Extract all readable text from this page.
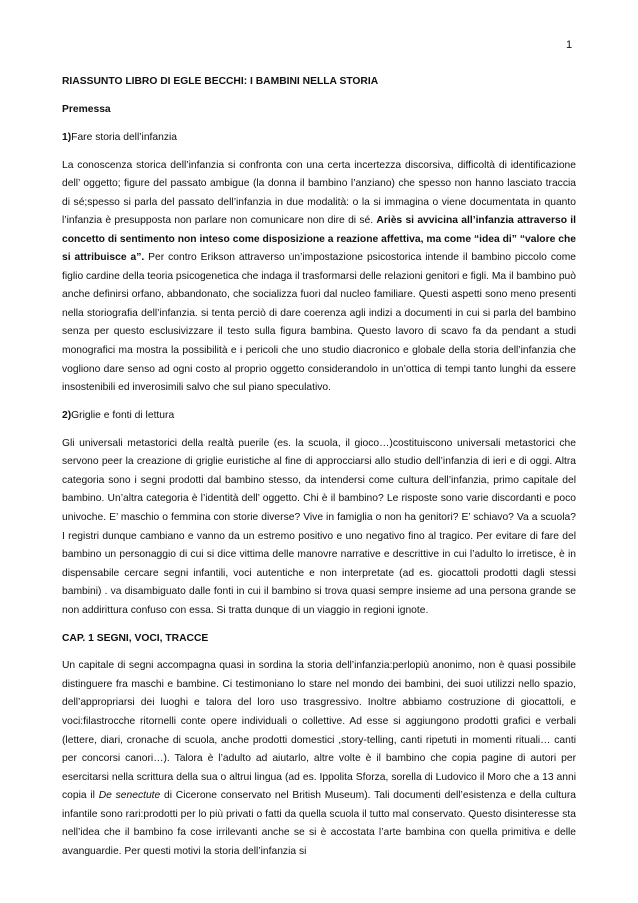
1

RIASSUNTO LIBRO DI EGLE BECCHI: I BAMBINI NELLA STORIA

Premessa

1)Fare storia dell’infanzia

La conoscenza storica dell’infanzia si confronta con una certa incertezza discorsiva, difficoltà di identificazione dell’ oggetto; figure del passato ambigue (la donna il bambino l’anziano) che spesso non hanno lasciato traccia di sé;spesso si parla del passato dell’infanzia in due modalità: o la si immagina o viene documentata in quanto l’infanzia è presupposta non parlare non comunicare non dire di sé. Ariès si avvicina all’infanzia attraverso il concetto di sentimento non inteso come disposizione a reazione affettiva, ma come “idea di” “valore che si attribuisce a”. Per contro Erikson attraverso un’impostazione psicostorica intende il bambino piccolo come figlio cardine della teoria psicogenetica che indaga il trasformarsi delle relazioni genitori e figli. Ma il bambino può anche definirsi orfano, abbandonato, che socializza fuori dal nucleo familiare. Questi aspetti sono meno presenti nella storiografia dell’infanzia. si tenta perciò di dare coerenza agli indizi a documenti in cui si parla del bambino senza per questo esclusivizzare il testo sulla figura bambina. Questo lavoro di scavo fa da pendant a studi monografici ma mostra la possibilità e i pericoli che uno studio diacronico e globale della storia dell’infanzia che vogliono dare senso ad ogni costo al proprio oggetto considerandolo in un’ottica di tempi tanto lunghi da essere insostenibili ed inverosimili salvo che sul piano speculativo.

2)Griglie e fonti di lettura

Gli universali metastorici della realtà puerile (es. la scuola, il gioco…)costituiscono universali metastorici che servono peer la creazione di griglie euristiche al fine di approcciarsi allo studio dell’infanzia di ieri e di oggi. Altra categoria sono i segni prodotti dal bambino stesso, da intendersi come cultura dell’infanzia, primo capitale del bambino. Un’altra categoria è l’identità dell’ oggetto. Chi è il bambino? Le risposte sono varie discordanti e poco univoche. E’ maschio o femmina con storie diverse? Vive in famiglia o non ha genitori? E’ schiavo? Va a scuola? I registri dunque cambiano e vanno da un estremo positivo e uno negativo fino al tragico. Per evitare di fare del bambino un personaggio di cui si dice vittima delle manovre narrative e descrittive in cui l’adulto lo irretisce, è in dispensabile cercare segni infantili, voci autentiche e non interpretate (ad es. giocattoli prodotti dagli stessi bambini) . va disambiguato dalle fonti in cui il bambino si trova quasi sempre insieme ad una persona grande se non addirittura confuso con essa. Si tratta dunque di un viaggio in regioni ignote.

CAP. 1 SEGNI, VOCI, TRACCE

Un capitale di segni accompagna quasi in sordina la storia dell’infanzia:perlopiù anonimo, non è quasi possibile distinguere fra maschi e bambine. Ci testimoniano lo stare nel mondo dei bambini, dei suoi utilizzi nello spazio, dell’appropriarsi dei luoghi e talora del loro uso trasgressivo. Inoltre abbiamo costruzione di giocattoli, e voci:filastrocche ritornelli conte opere individuali o collettive. Ad esse si aggiungono prodotti grafici e verbali (lettere, diari, cronache di scuola, anche prodotti domestici ,story-telling, canti ripetuti in momenti rituali… canti per concorsi canori…). Talora è l’adulto ad aiutarlo, altre volte è il bambino che copia pagine di autori per esercitarsi nella scrittura della sua o altrui lingua (ad es. Ippolita Sforza, sorella di Ludovico il Moro che a 13 anni copia il De senectute di Cicerone conservato nel British Museum). Tali documenti dell’esistenza e della cultura infantile sono rari:prodotti per lo più privati o fatti da quella scuola il tutto mal conservato. Questo disinteresse sta nell’idea che il bambino fa cose irrilevanti anche se si è accostata l’arte bambina con quella primitiva e delle avanguardie. Per questi motivi la storia dell’infanzia si
